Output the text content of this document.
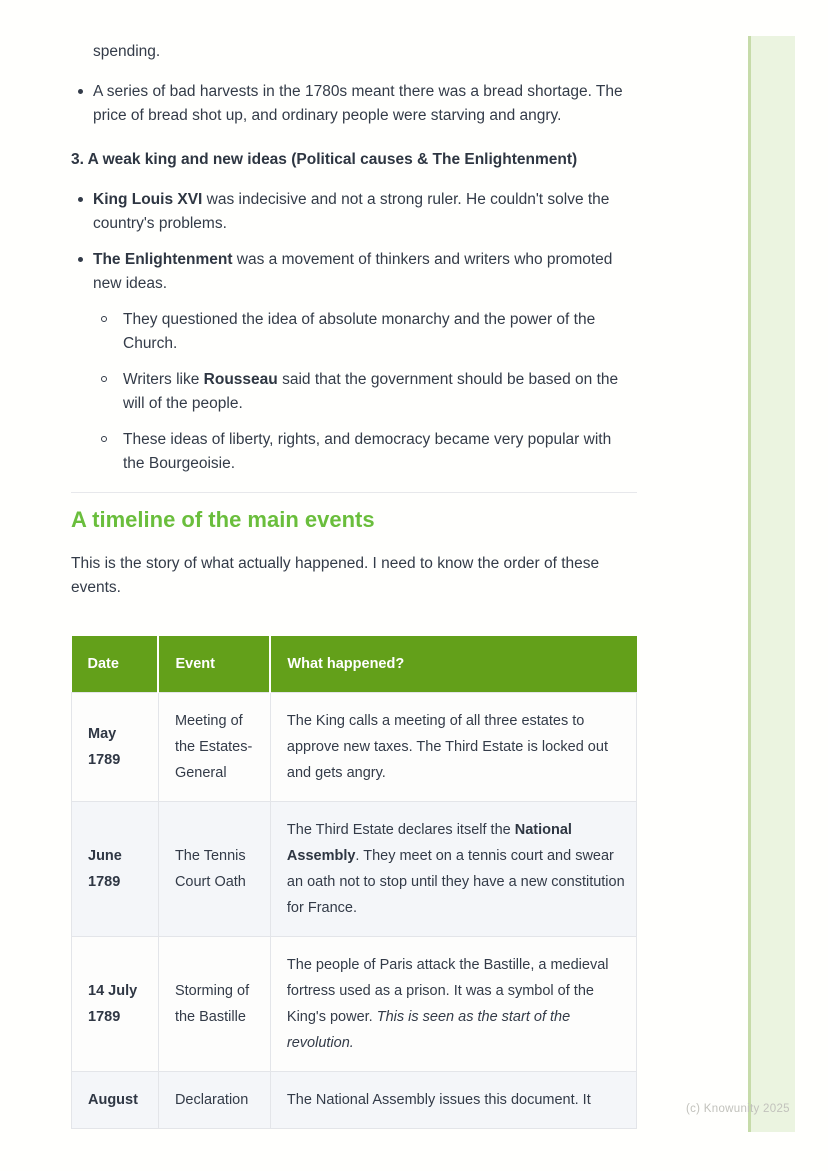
spending.

A series of bad harvests in the 1780s meant there was a bread shortage. The price of bread shot up, and ordinary people were starving and angry.
3. A weak king and new ideas (Political causes & The Enlightenment)
King Louis XVI was indecisive and not a strong ruler. He couldn't solve the country's problems.
The Enlightenment was a movement of thinkers and writers who promoted new ideas.
They questioned the idea of absolute monarchy and the power of the Church.
Writers like Rousseau said that the government should be based on the will of the people.
These ideas of liberty, rights, and democracy became very popular with the Bourgeoisie.
A timeline of the main events

This is the story of what actually happened. I need to know the order of these events.

Date	Event	What happened?
May 1789	Meeting of the Estates-General	The King calls a meeting of all three estates to approve new taxes. The Third Estate is locked out and gets angry.
June 1789	The Tennis Court Oath	The Third Estate declares itself the National Assembly. They meet on a tennis court and swear an oath not to stop until they have a new constitution for France.
14 July 1789	Storming of the Bastille	The people of Paris attack the Bastille, a medieval fortress used as a prison. It was a symbol of the King's power. This is seen as the start of the revolution.
August	Declaration	The National Assembly issues this document. It
(c) Knowunity 2025
